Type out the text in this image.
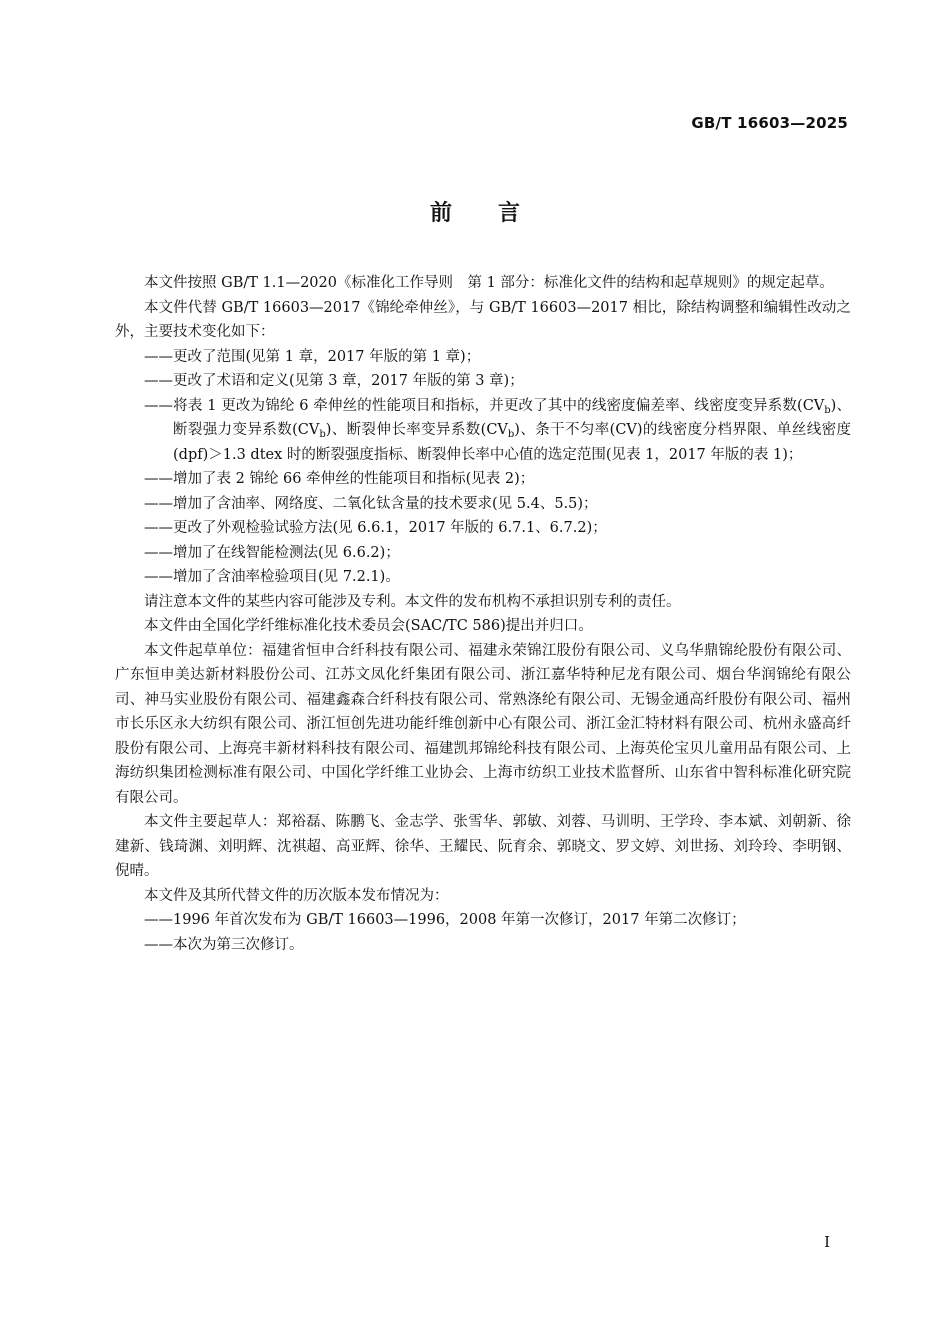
GB/T 16603—2025
前言

本文件按照 GB/T 1.1—2020《标准化工作导则　第 1 部分：标准化文件的结构和起草规则》的规定起草。

本文件代替 GB/T 16603—2017《锦纶牵伸丝》，与 GB/T 16603—2017 相比，除结构调整和编辑性改动之外，主要技术变化如下：

——更改了范围(见第 1 章，2017 年版的第 1 章)；

——更改了术语和定义(见第 3 章，2017 年版的第 3 章)；

——将表 1 更改为锦纶 6 牵伸丝的性能项目和指标，并更改了其中的线密度偏差率、线密度变异系数$(CV_b)$、断裂强力变异系数$(CV_b)$、断裂伸长率变异系数$(CV_b)$、条干不匀率(CV)的线密度分档界限、单丝线密度(dpf)＞1.3 dtex 时的断裂强度指标、断裂伸长率中心值的选定范围(见表 1，2017 年版的表 1)；

——增加了表 2 锦纶 66 牵伸丝的性能项目和指标(见表 2)；

——增加了含油率、网络度、二氧化钛含量的技术要求(见 5.4、5.5)；

——更改了外观检验试验方法(见 6.6.1，2017 年版的 6.7.1、6.7.2)；

——增加了在线智能检测法(见 6.6.2)；

——增加了含油率检验项目(见 7.2.1)。

请注意本文件的某些内容可能涉及专利。本文件的发布机构不承担识别专利的责任。

本文件由全国化学纤维标准化技术委员会(SAC/TC 586)提出并归口。

本文件起草单位：福建省恒申合纤科技有限公司、福建永荣锦江股份有限公司、义乌华鼎锦纶股份有限公司、广东恒申美达新材料股份公司、江苏文凤化纤集团有限公司、浙江嘉华特种尼龙有限公司、烟台华润锦纶有限公司、神马实业股份有限公司、福建鑫森合纤科技有限公司、常熟涤纶有限公司、无锡金通高纤股份有限公司、福州市长乐区永大纺织有限公司、浙江恒创先进功能纤维创新中心有限公司、浙江金汇特材料有限公司、杭州永盛高纤股份有限公司、上海亮丰新材料科技有限公司、福建凯邦锦纶科技有限公司、上海英伦宝贝儿童用品有限公司、上海纺织集团检测标准有限公司、中国化学纤维工业协会、上海市纺织工业技术监督所、山东省中智科标准化研究院有限公司。

本文件主要起草人：郑裕磊、陈鹏飞、金志学、张雪华、郭敏、刘蓉、马训明、王学玲、李本斌、刘朝新、徐建新、钱琦渊、刘明辉、沈祺超、高亚辉、徐华、王耀民、阮育余、郭晓文、罗文婷、刘世扬、刘玲玲、李明钢、倪晴。

本文件及其所代替文件的历次版本发布情况为：

——1996 年首次发布为 GB/T 16603—1996，2008 年第一次修订，2017 年第二次修订；

——本次为第三次修订。

I
